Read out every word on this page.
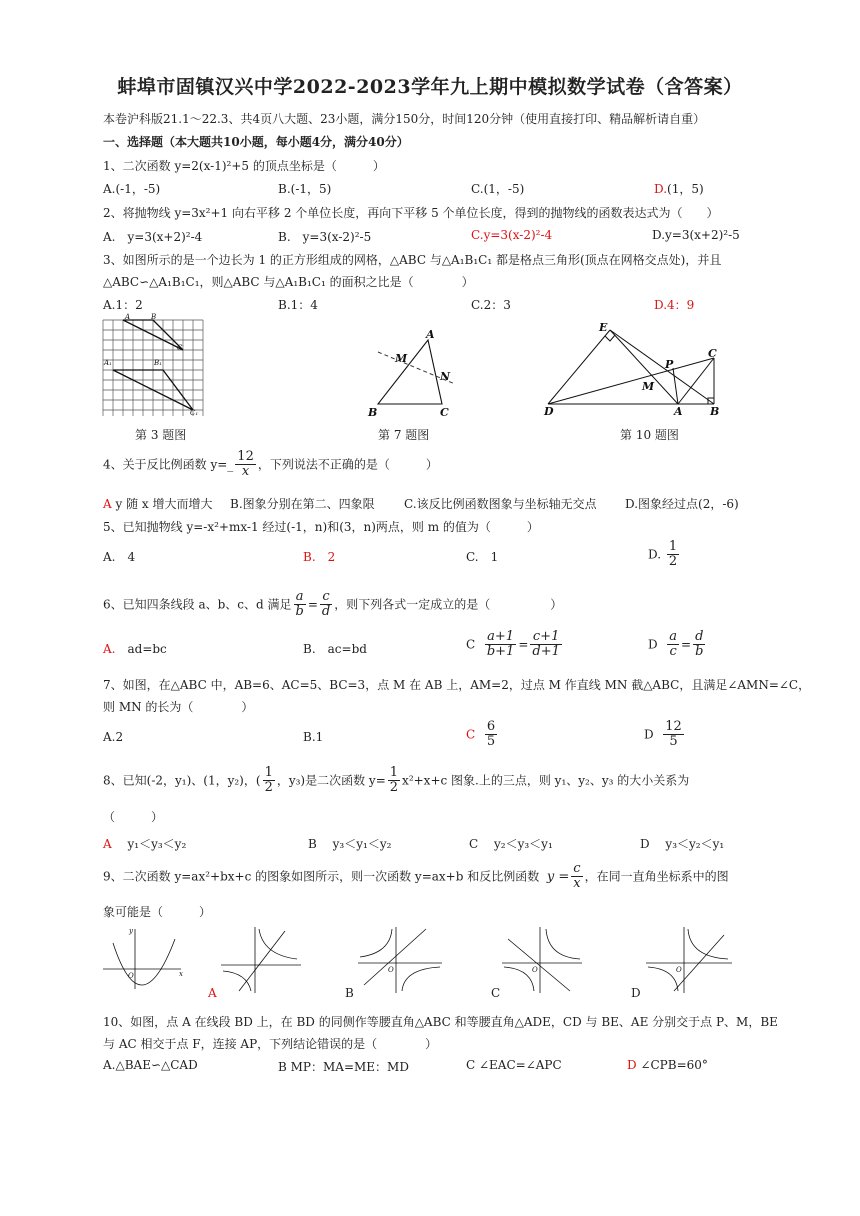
蚌埠市固镇汉兴中学2022-2023学年九上期中模拟数学试卷（含答案）
本卷沪科版21.1～22.3、共4页八大题、23小题，满分150分，时间120分钟（使用直接打印、精品解析请自重）
一、选择题（本大题共10小题，每小题4分，满分40分）
1、二次函数 y=2(x-1)²+5 的顶点坐标是（　　　）
A.(-1，-5)	B.(-1，5)	C.(1，-5)	D.(1，5)
2、将抛物线 y=3x²+1 向右平移 2 个单位长度，再向下平移 5 个单位长度，得到的抛物线的函数表达式为（　　）
A.　y=3(x+2)²-4	B.　y=3(x-2)²-5	C.y=3(x-2)²-4	D.y=3(x+2)²-5
3、如图所示的是一个边长为 1 的正方形组成的网格，△ABC 与△A₁B₁C₁ 都是格点三角形(顶点在网格交点处)，并且
△ABC∽△A₁B₁C₁，则△ABC 与△A₁B₁C₁ 的面积之比是（　　　　）
A.1：2	B.1：4	C.2：3	D.4：9
A	B
C
A₁	B₁
C₁
第 3 题图
A
B	C
M
N
第 7 题图
E
C
P
M
D	A B
第 10 题图
4、关于反比例函数 y=_ $\frac{12}{x}$ ，下列说法不正确的是（　　　）
A y 随 x 增大而增大 B.图象分别在第二、四象限 C.该反比例函数图象与坐标轴无交点 D.图象经过点(2，-6)
5、已知抛物线 y=-x²+mx-1 经过(-1，n)和(3，n)两点，则 m 的值为（　　　）
A.　4	B.　2	C.　1	D. $\frac{1}{2}$
6、已知四条线段 a、b、c、d 满足 $\frac{a}{b} = \frac{c}{d}$ ，则下列各式一定成立的是（　　　　　）
A.　ad=bc	B.　ac=bd	C $\frac{a+1}{b+1} = \frac{c+1}{d+1}$	D $\frac{a}{c} = \frac{d}{b}$
7、如图，在△ABC 中，AB=6、AC=5、BC=3，点 M 在 AB 上，AM=2，过点 M 作直线 MN 截△ABC，且满足∠AMN=∠C，
则 MN 的长为（　　　　）
A.2	B.1	C $\frac{6}{5}$	D $\frac{12}{5}$
8、已知(-2，y₁)、(1，y₂)，( $\frac{1}{2}$ ，y₃)是二次函数 $y= \frac{1}{2} x^2+x+c$ 图象.上的三点，则 y₁、y₂、y₃ 的大小关系为
（　　　）
A　 y₁＜y₃＜y₂	B　 y₃＜y₁＜y₂	C　 y₂＜y₃＜y₁	D　 y₃＜y₂＜y₁
9、二次函数 y=ax²+bx+c 的图象如图所示，则一次函数 y=ax+b 和反比例函数 $y = \frac{c}{x}$ ，在同一直角坐标系中的图
象可能是（　　　）
O	x
y
A
O
B
O
C
O
D
10、如图，点 A 在线段 BD 上，在 BD 的同侧作等腰直角△ABC 和等腰直角△ADE，CD 与 BE、AE 分别交于点 P、M，BE
与 AC 相交于点 F，连接 AP，下列结论错误的是（　　　　）
A.△BAE∽△CAD	B MP：MA=ME：MD	C ∠EAC=∠APC	D ∠CPB=60°
